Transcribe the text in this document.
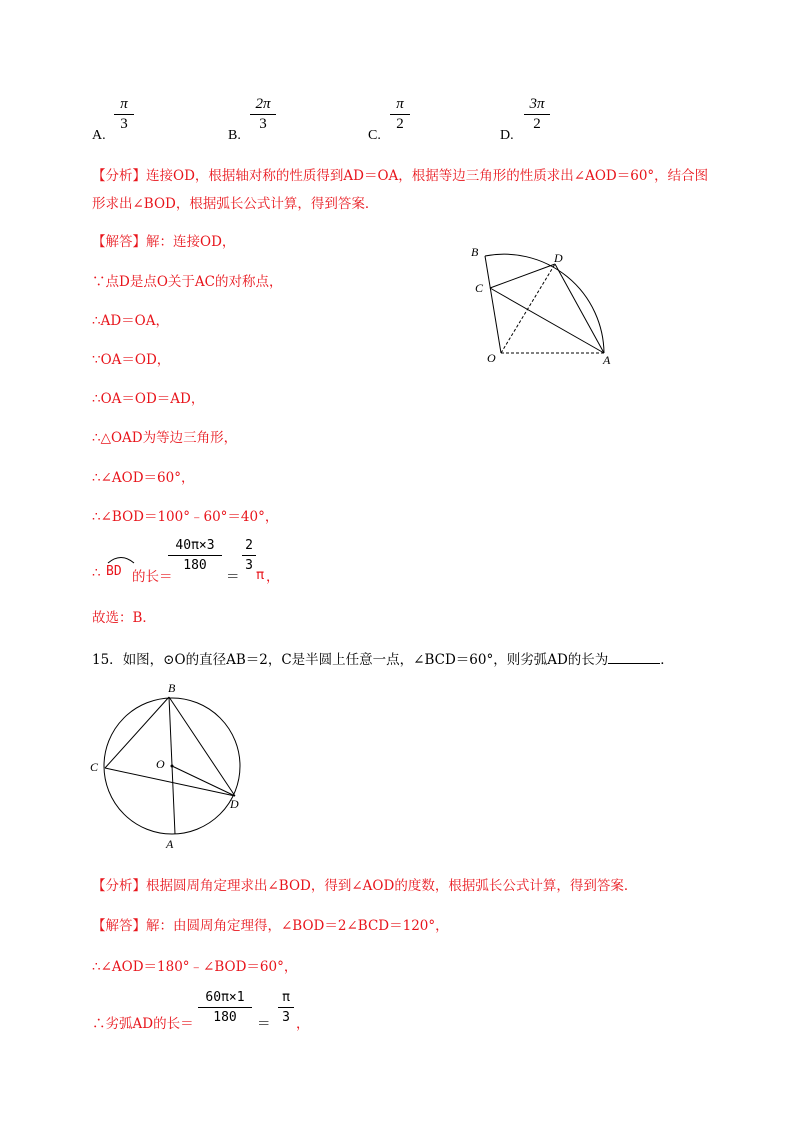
A.
π
3
B.
2π
3
C.
π
2
D.
3π
2
【分析】连接OD，根据轴对称的性质得到AD＝OA，根据等边三角形的性质求出∠AOD＝60°，结合图
形求出∠BOD，根据弧长公式计算，得到答案．
【解答】解：连接OD，
∵点D是点O关于AC的对称点，
∴AD＝OA，
∵OA＝OD，
∴OA＝OD＝AD，
∴△OAD为等边三角形，
∴∠AOD＝60°，
∴∠BOD＝100°﹣60°＝40°，
∴ BD 的长＝
40π×3
180
＝
2
3
π ，
故选：B．
B	D
C
O	A
15．如图，⊙O的直径AB＝2，C是半圆上任意一点，∠BCD＝60°，则劣弧AD的长为	．
B
C	O
D
A
【分析】根据圆周角定理求出∠BOD，得到∠AOD的度数，根据弧长公式计算，得到答案．
【解答】解：由圆周角定理得，∠BOD＝2∠BCD＝120°，
∴∠AOD＝180°﹣∠BOD＝60°，
∴劣弧AD的长＝
60π×1
180	＝
π
3 ，
